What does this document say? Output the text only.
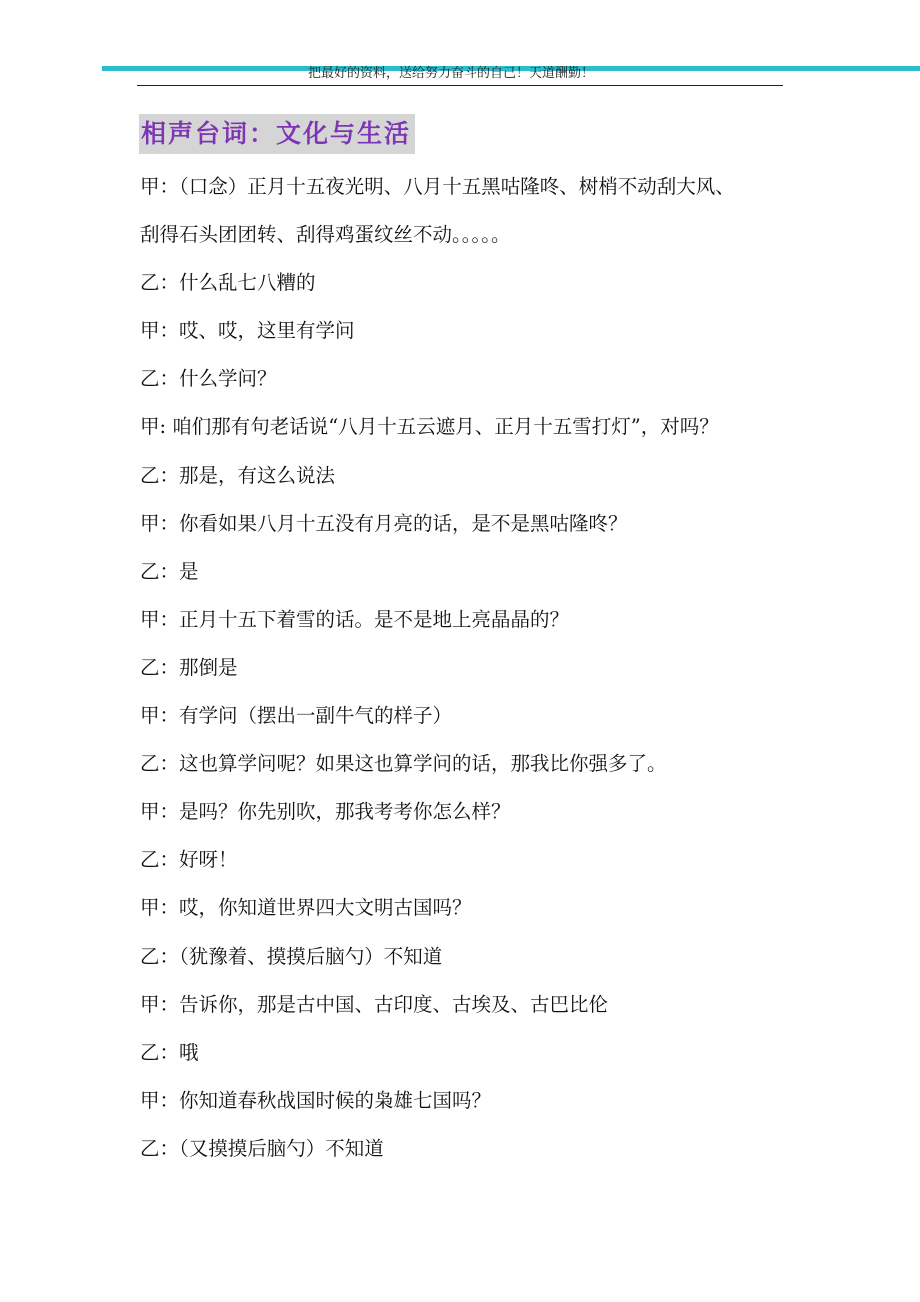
把最好的资料，送给努力奋斗的自己！天道酬勤！
相声台词：文化与生活
甲：（口念）正月十五夜光明、八月十五黑咕隆咚、树梢不动刮大风、
刮得石头团团转、刮得鸡蛋纹丝不动。。。。。
乙：什么乱七八糟的
甲：哎、哎，这里有学问
乙：什么学问？
甲: 咱们那有句老话说“八月十五云遮月、正月十五雪打灯”，对吗？
乙：那是，有这么说法
甲：你看如果八月十五没有月亮的话，是不是黑咕隆咚？
乙：是
甲：正月十五下着雪的话。是不是地上亮晶晶的？
乙：那倒是
甲：有学问（摆出一副牛气的样子）
乙：这也算学问呢？如果这也算学问的话，那我比你强多了。
甲：是吗？你先别吹，那我考考你怎么样？
乙：好呀！
甲：哎，你知道世界四大文明古国吗？
乙：（犹豫着、摸摸后脑勺）不知道
甲：告诉你，那是古中国、古印度、古埃及、古巴比伦
乙：哦
甲：你知道春秋战国时候的枭雄七国吗？
乙：（又摸摸后脑勺）不知道
